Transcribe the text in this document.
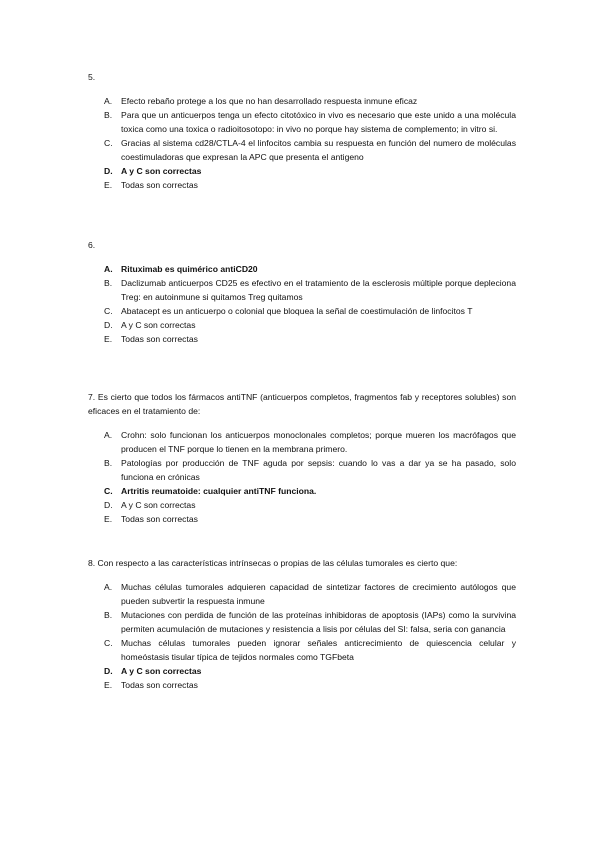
5.

A. Efecto rebaño protege a los que no han desarrollado respuesta inmune eficaz
B. Para que un anticuerpos tenga un efecto citotóxico in vivo es necesario que este unido a una molécula toxica como una toxica o radioitosotopo: in vivo no porque hay sistema de complemento; in vitro si.
C. Gracias al sistema cd28/CTLA-4 el linfocitos cambia su respuesta en función del numero de moléculas coestimuladoras que expresan la APC que presenta el antigeno
D. A y C son correctas
E. Todas son correctas

6.

A. Rituximab es quimérico antiCD20
B. Daclizumab anticuerpos CD25 es efectivo en el tratamiento de la esclerosis múltiple porque depleciona Treg: en autoinmune si quitamos Treg quitamos
C. Abatacept es un anticuerpo o colonial que bloquea la señal de coestimulación de linfocitos T
D. A y C son correctas
E. Todas son correctas

7. Es cierto que todos los fármacos antiTNF (anticuerpos completos, fragmentos fab y receptores solubles) son eficaces en el tratamiento de:

A. Crohn: solo funcionan los anticuerpos monoclonales completos; porque mueren los macrófagos que producen el TNF porque lo tienen en la membrana primero.
B. Patologías por producción de TNF aguda por sepsis: cuando lo vas a dar ya se ha pasado, solo funciona en crónicas
C. Artritis reumatoide: cualquier antiTNF funciona.
D. A y C son correctas
E. Todas son correctas

8. Con respecto a las características intrínsecas o propias de las células tumorales es cierto que:

A. Muchas células tumorales adquieren capacidad de sintetizar factores de crecimiento autólogos que pueden subvertir la respuesta inmune
B. Mutaciones con perdida de función de las proteínas inhibidoras de apoptosis (IAPs) como la survivina permiten acumulación de mutaciones y resistencia a lisis por células del SI: falsa, seria con ganancia
C. Muchas células tumorales pueden ignorar señales anticrecimiento de quiescencia celular y homeóstasis tisular típica de tejidos normales como TGFbeta
D. A y C son correctas
E. Todas son correctas
